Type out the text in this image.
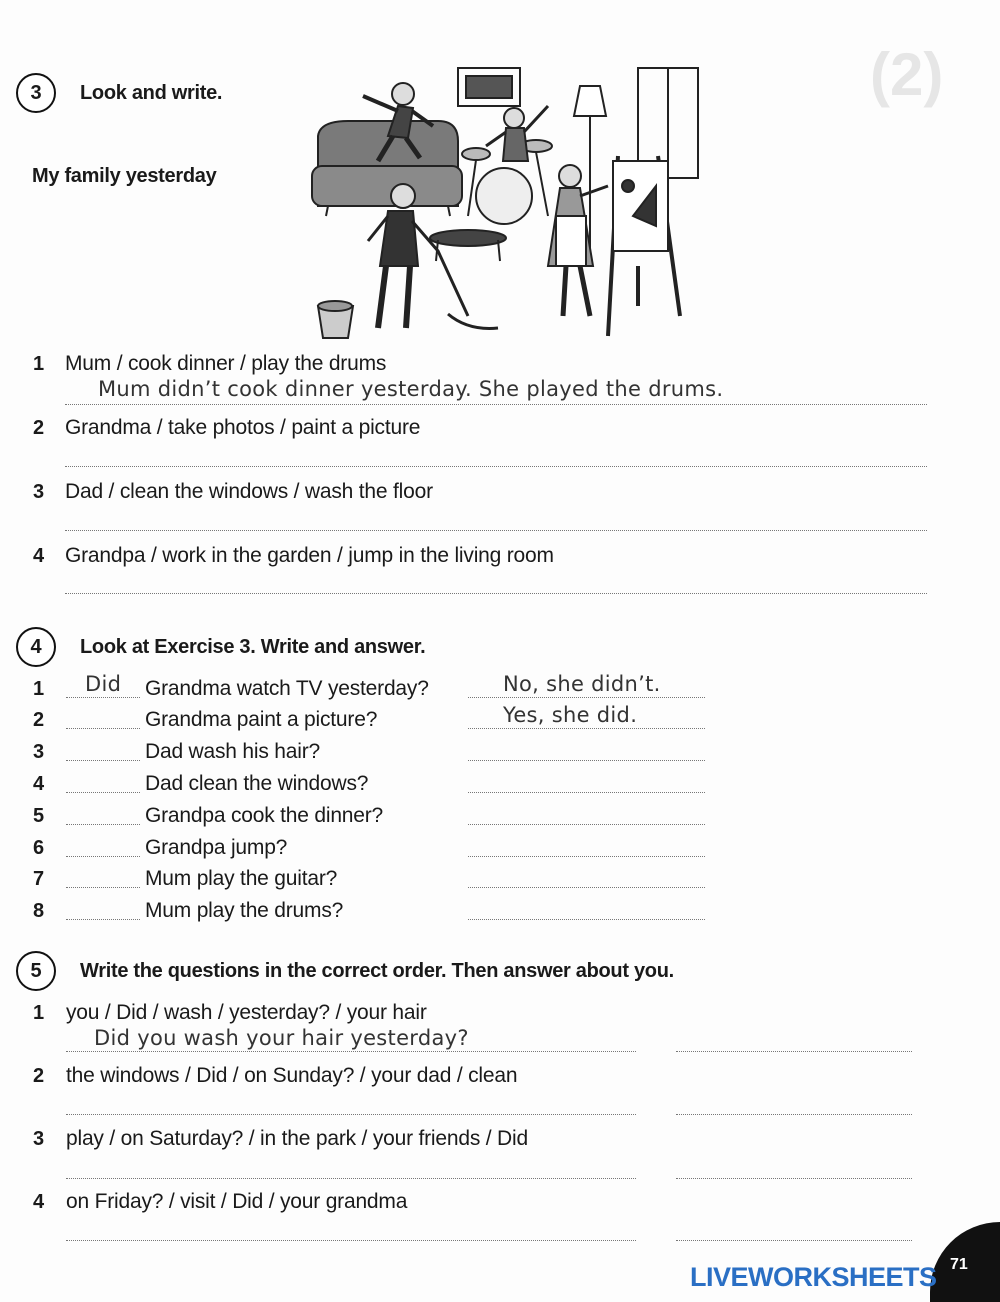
(2)
3 Look and write.
My family yesterday
1 Mum / cook dinner / play the drums
Mum didn’t cook dinner yesterday. She played the drums.
2 Grandma / take photos / paint a picture
3 Dad / clean the windows / wash the floor
4 Grandpa / work in the garden / jump in the living room
4 Look at Exercise 3. Write and answer.
1 Did Grandma watch TV yesterday?	No, she didn’t.
2	Grandma paint a picture?	Yes, she did.
3	Dad wash his hair?
4	Dad clean the windows?
5	Grandpa cook the dinner?
6	Grandpa jump?
7	Mum play the guitar?
8	Mum play the drums?
5 Write the questions in the correct order. Then answer about you.
1 you / Did / wash / yesterday? / your hair
Did you wash your hair yesterday?
2 the windows / Did / on Sunday? / your dad / clean
3 play / on Saturday? / in the park / your friends / Did
4 on Friday? / visit / Did / your grandma
71
LIVEWORKSHEETS
